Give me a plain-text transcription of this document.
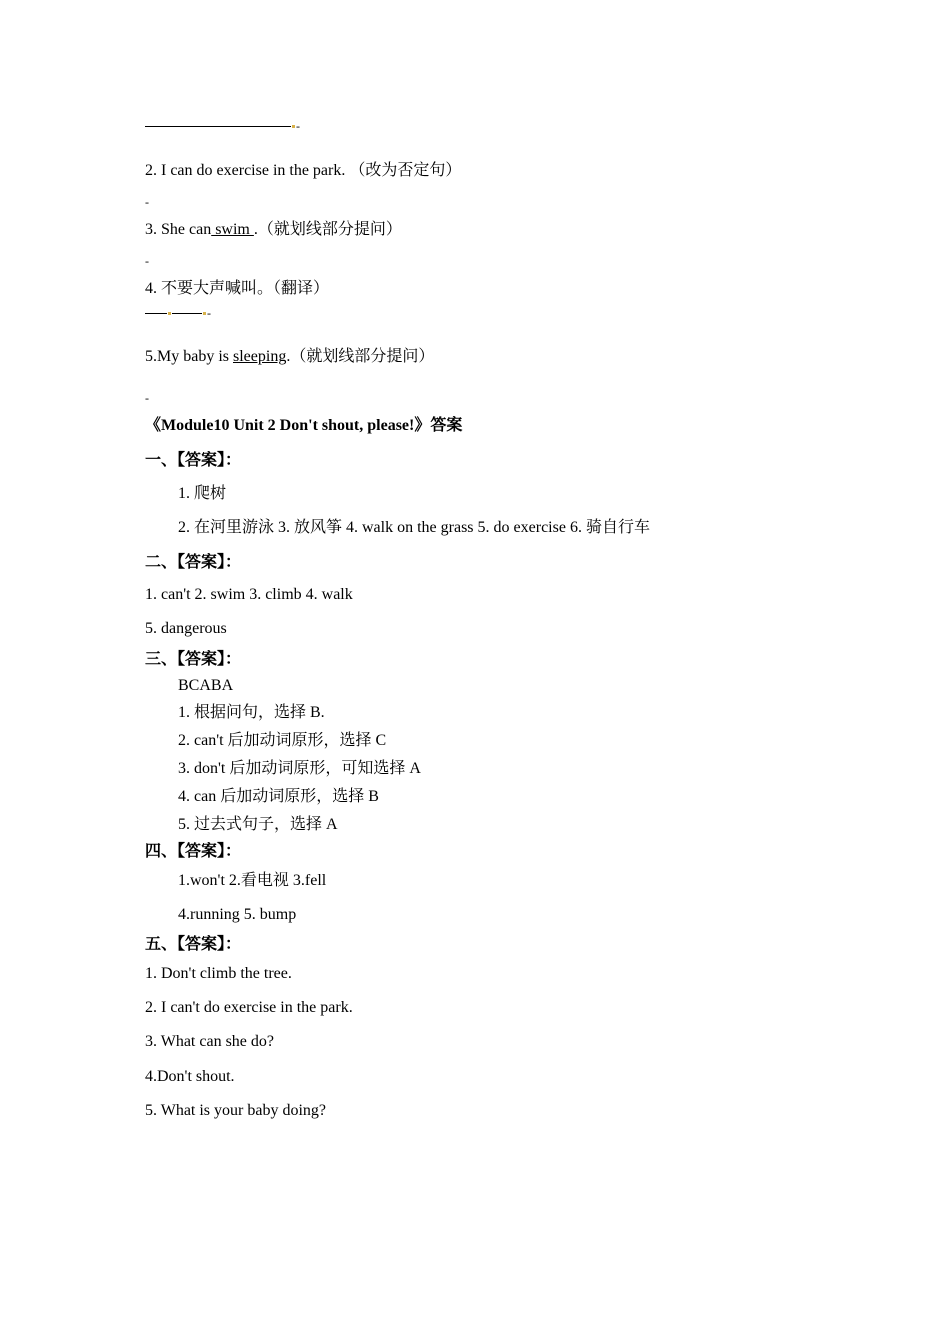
-
2. I can do exercise in the park. （改为否定句）
-
3. She can swim .（就划线部分提问）
-
4. 不要大声喊叫。（翻译）
-
5.My baby is sleeping.（就划线部分提问）
-
《Module10 Unit 2 Don't shout, please!》答案
一、【答案】：
1. 爬树
2. 在河里游泳 3. 放风筝 4. walk on the grass 5. do exercise 6. 骑自行车
二、【答案】：
1. can't 2. swim 3. climb 4. walk
5. dangerous
三、【答案】：
BCABA
1. 根据问句，选择 B.
2. can't 后加动词原形，选择 C
3. don't 后加动词原形，可知选择 A
4. can 后加动词原形，选择 B
5. 过去式句子，选择 A
四、【答案】：
1.won't 2.看电视 3.fell
4.running 5. bump
五、【答案】：
1. Don't climb the tree.
2. I can't do exercise in the park.
3. What can she do?
4.Don't shout.
5. What is your baby doing?
